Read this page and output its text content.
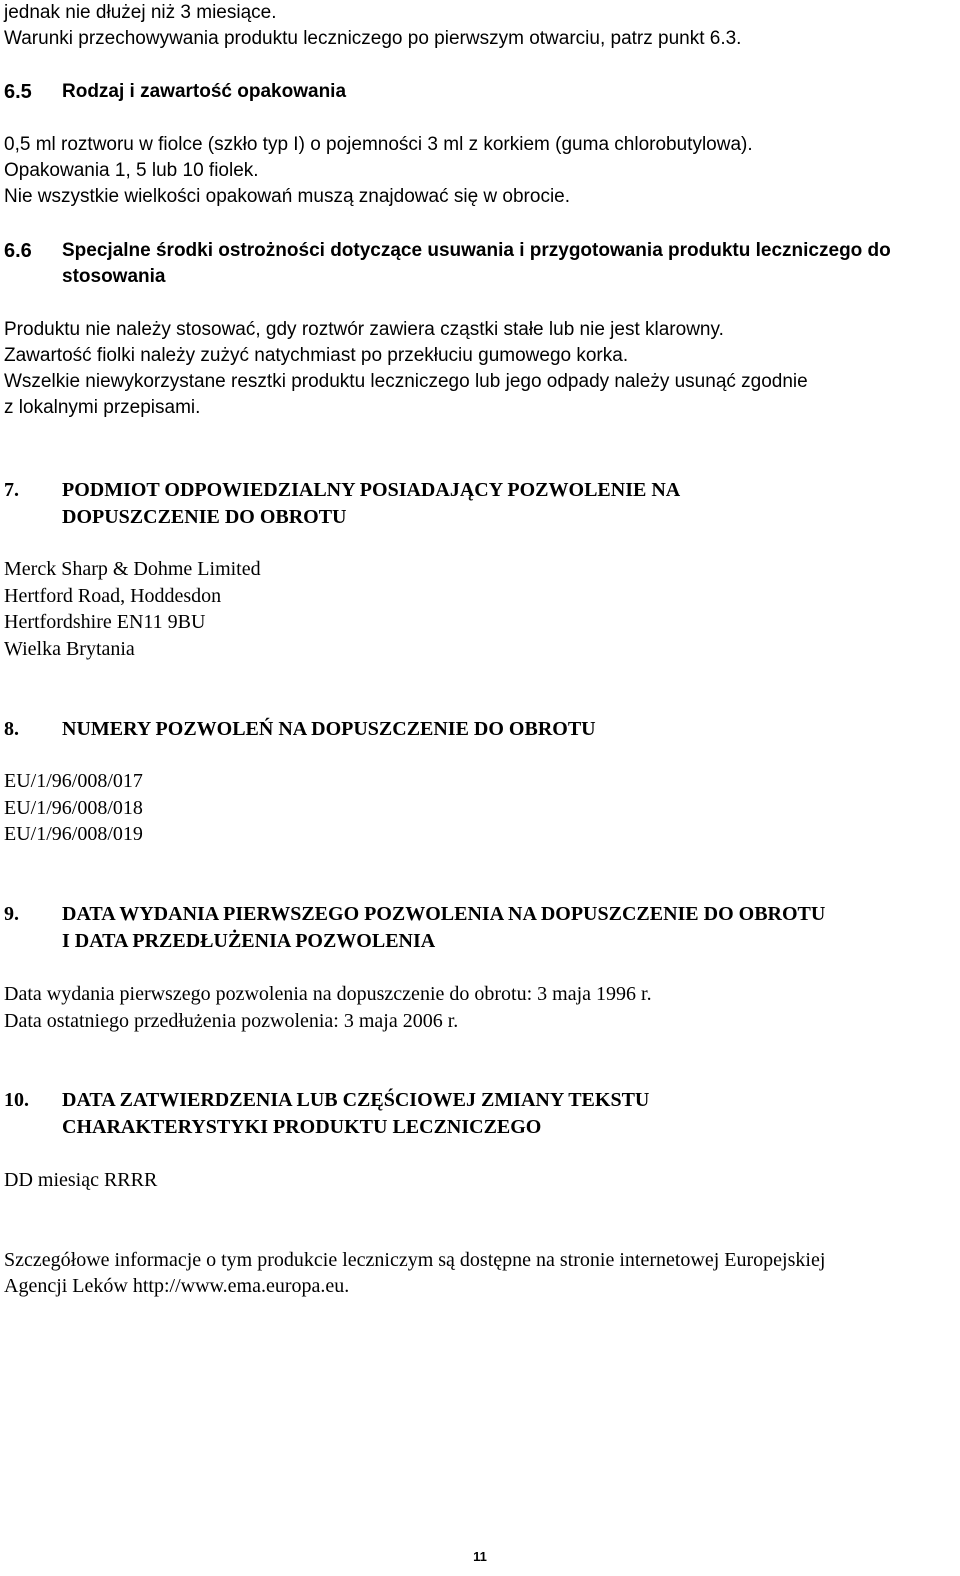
jednak nie dłużej niż 3 miesiące.
Warunki przechowywania produktu leczniczego po pierwszym otwarciu, patrz punkt 6.3.
6.5 Rodzaj i zawartość opakowania
0,5 ml roztworu w fiolce (szkło typ I) o pojemności 3 ml z korkiem (guma chlorobutylowa).
Opakowania 1, 5 lub 10 fiolek.
Nie wszystkie wielkości opakowań muszą znajdować się w obrocie.
6.6 Specjalne środki ostrożności dotyczące usuwania i przygotowania produktu leczniczego do
stosowania
Produktu nie należy stosować, gdy roztwór zawiera cząstki stałe lub nie jest klarowny.
Zawartość fiolki należy zużyć natychmiast po przekłuciu gumowego korka.
Wszelkie niewykorzystane resztki produktu leczniczego lub jego odpady należy usunąć zgodnie
z lokalnymi przepisami.
7. PODMIOT ODPOWIEDZIALNY POSIADAJĄCY POZWOLENIE NA
DOPUSZCZENIE DO OBROTU
Merck Sharp & Dohme Limited
Hertford Road, Hoddesdon
Hertfordshire EN11 9BU
Wielka Brytania
8. NUMERY POZWOLEŃ NA DOPUSZCZENIE DO OBROTU
EU/1/96/008/017
EU/1/96/008/018
EU/1/96/008/019
9. DATA WYDANIA PIERWSZEGO POZWOLENIA NA DOPUSZCZENIE DO OBROTU
I DATA PRZEDŁUŻENIA POZWOLENIA
Data wydania pierwszego pozwolenia na dopuszczenie do obrotu: 3 maja 1996 r.
Data ostatniego przedłużenia pozwolenia: 3 maja 2006 r.
10. DATA ZATWIERDZENIA LUB CZĘŚCIOWEJ ZMIANY TEKSTU
CHARAKTERYSTYKI PRODUKTU LECZNICZEGO
DD miesiąc RRRR
Szczegółowe informacje o tym produkcie leczniczym są dostępne na stronie internetowej Europejskiej
Agencji Leków http://www.ema.europa.eu.
11
